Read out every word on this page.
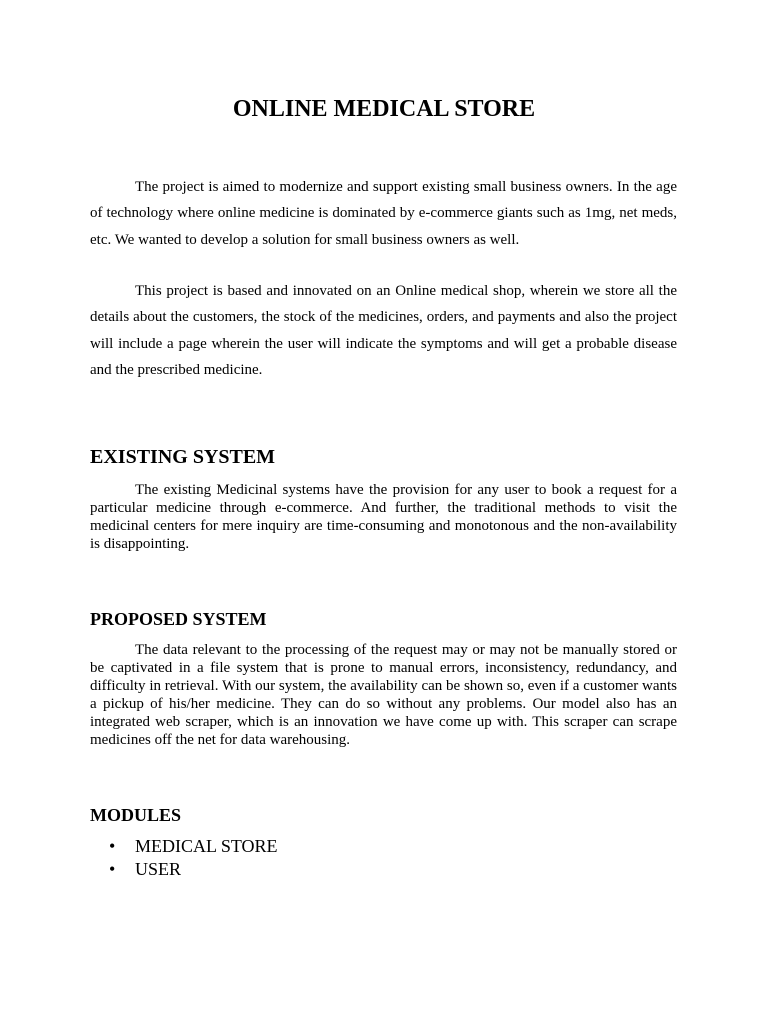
ONLINE MEDICAL STORE

The project is aimed to modernize and support existing small business owners. In the age of technology where online medicine is dominated by e-commerce giants such as 1mg, net meds, etc. We wanted to develop a solution for small business owners as well.

This project is based and innovated on an Online medical shop, wherein we store all the details about the customers, the stock of the medicines, orders, and payments and also the project will include a page wherein the user will indicate the symptoms and will get a probable disease and the prescribed medicine.

EXISTING SYSTEM

The existing Medicinal systems have the provision for any user to book a request for a particular medicine through e-commerce. And further, the traditional methods to visit the medicinal centers for mere inquiry are time-consuming and monotonous and the non-availability is disappointing.

PROPOSED SYSTEM

The data relevant to the processing of the request may or may not be manually stored or be captivated in a file system that is prone to manual errors, inconsistency, redundancy, and difficulty in retrieval. With our system, the availability can be shown so, even if a customer wants a pickup of his/her medicine. They can do so without any problems. Our model also has an integrated web scraper, which is an innovation we have come up with. This scraper can scrape medicines off the net for data warehousing.

MODULES
• MEDICAL STORE
• USER
